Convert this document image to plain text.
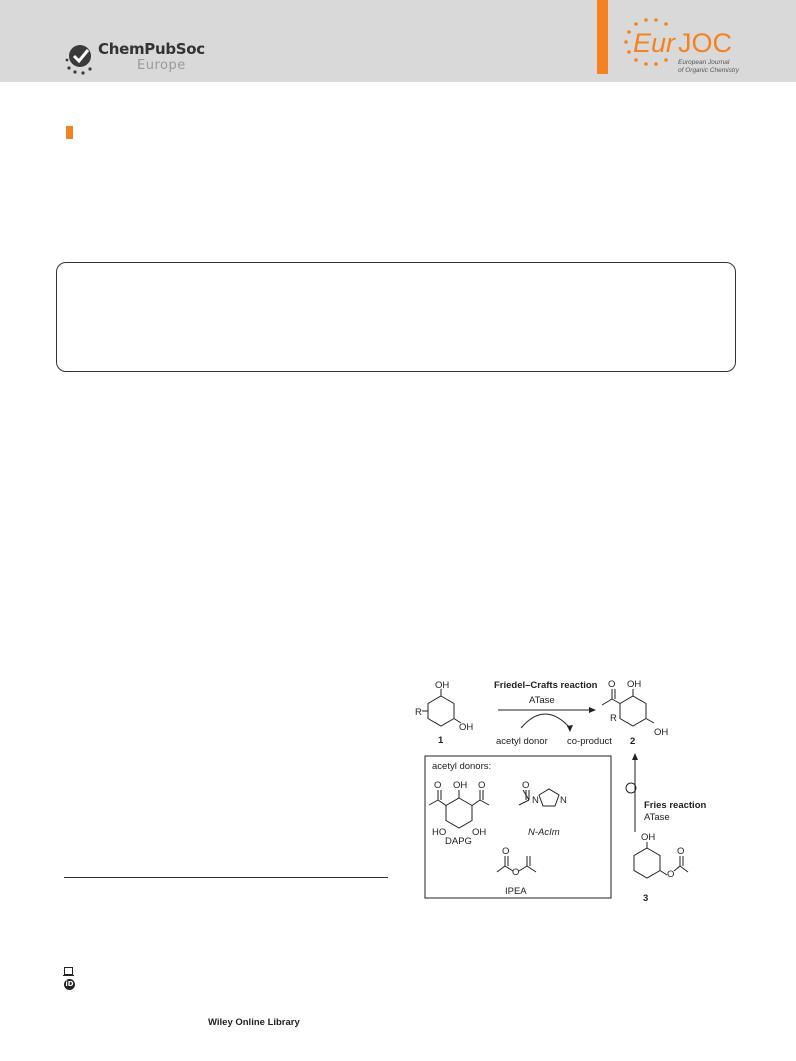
ChemPubSoc
Europe
Eur JOC
European Journal
of Organic Chemistry
OH
OH
R
1
Friedel–Crafts reaction
ATase
acetyl donor co-product
O OH
R
OH
2
acetyl donors:
O OH O
HO	OH
DAPG
O
N N
N-AcIm
O
O
IPEA
Fries reaction
ATase
OH
O
O
3
iD
Wiley Online Library
